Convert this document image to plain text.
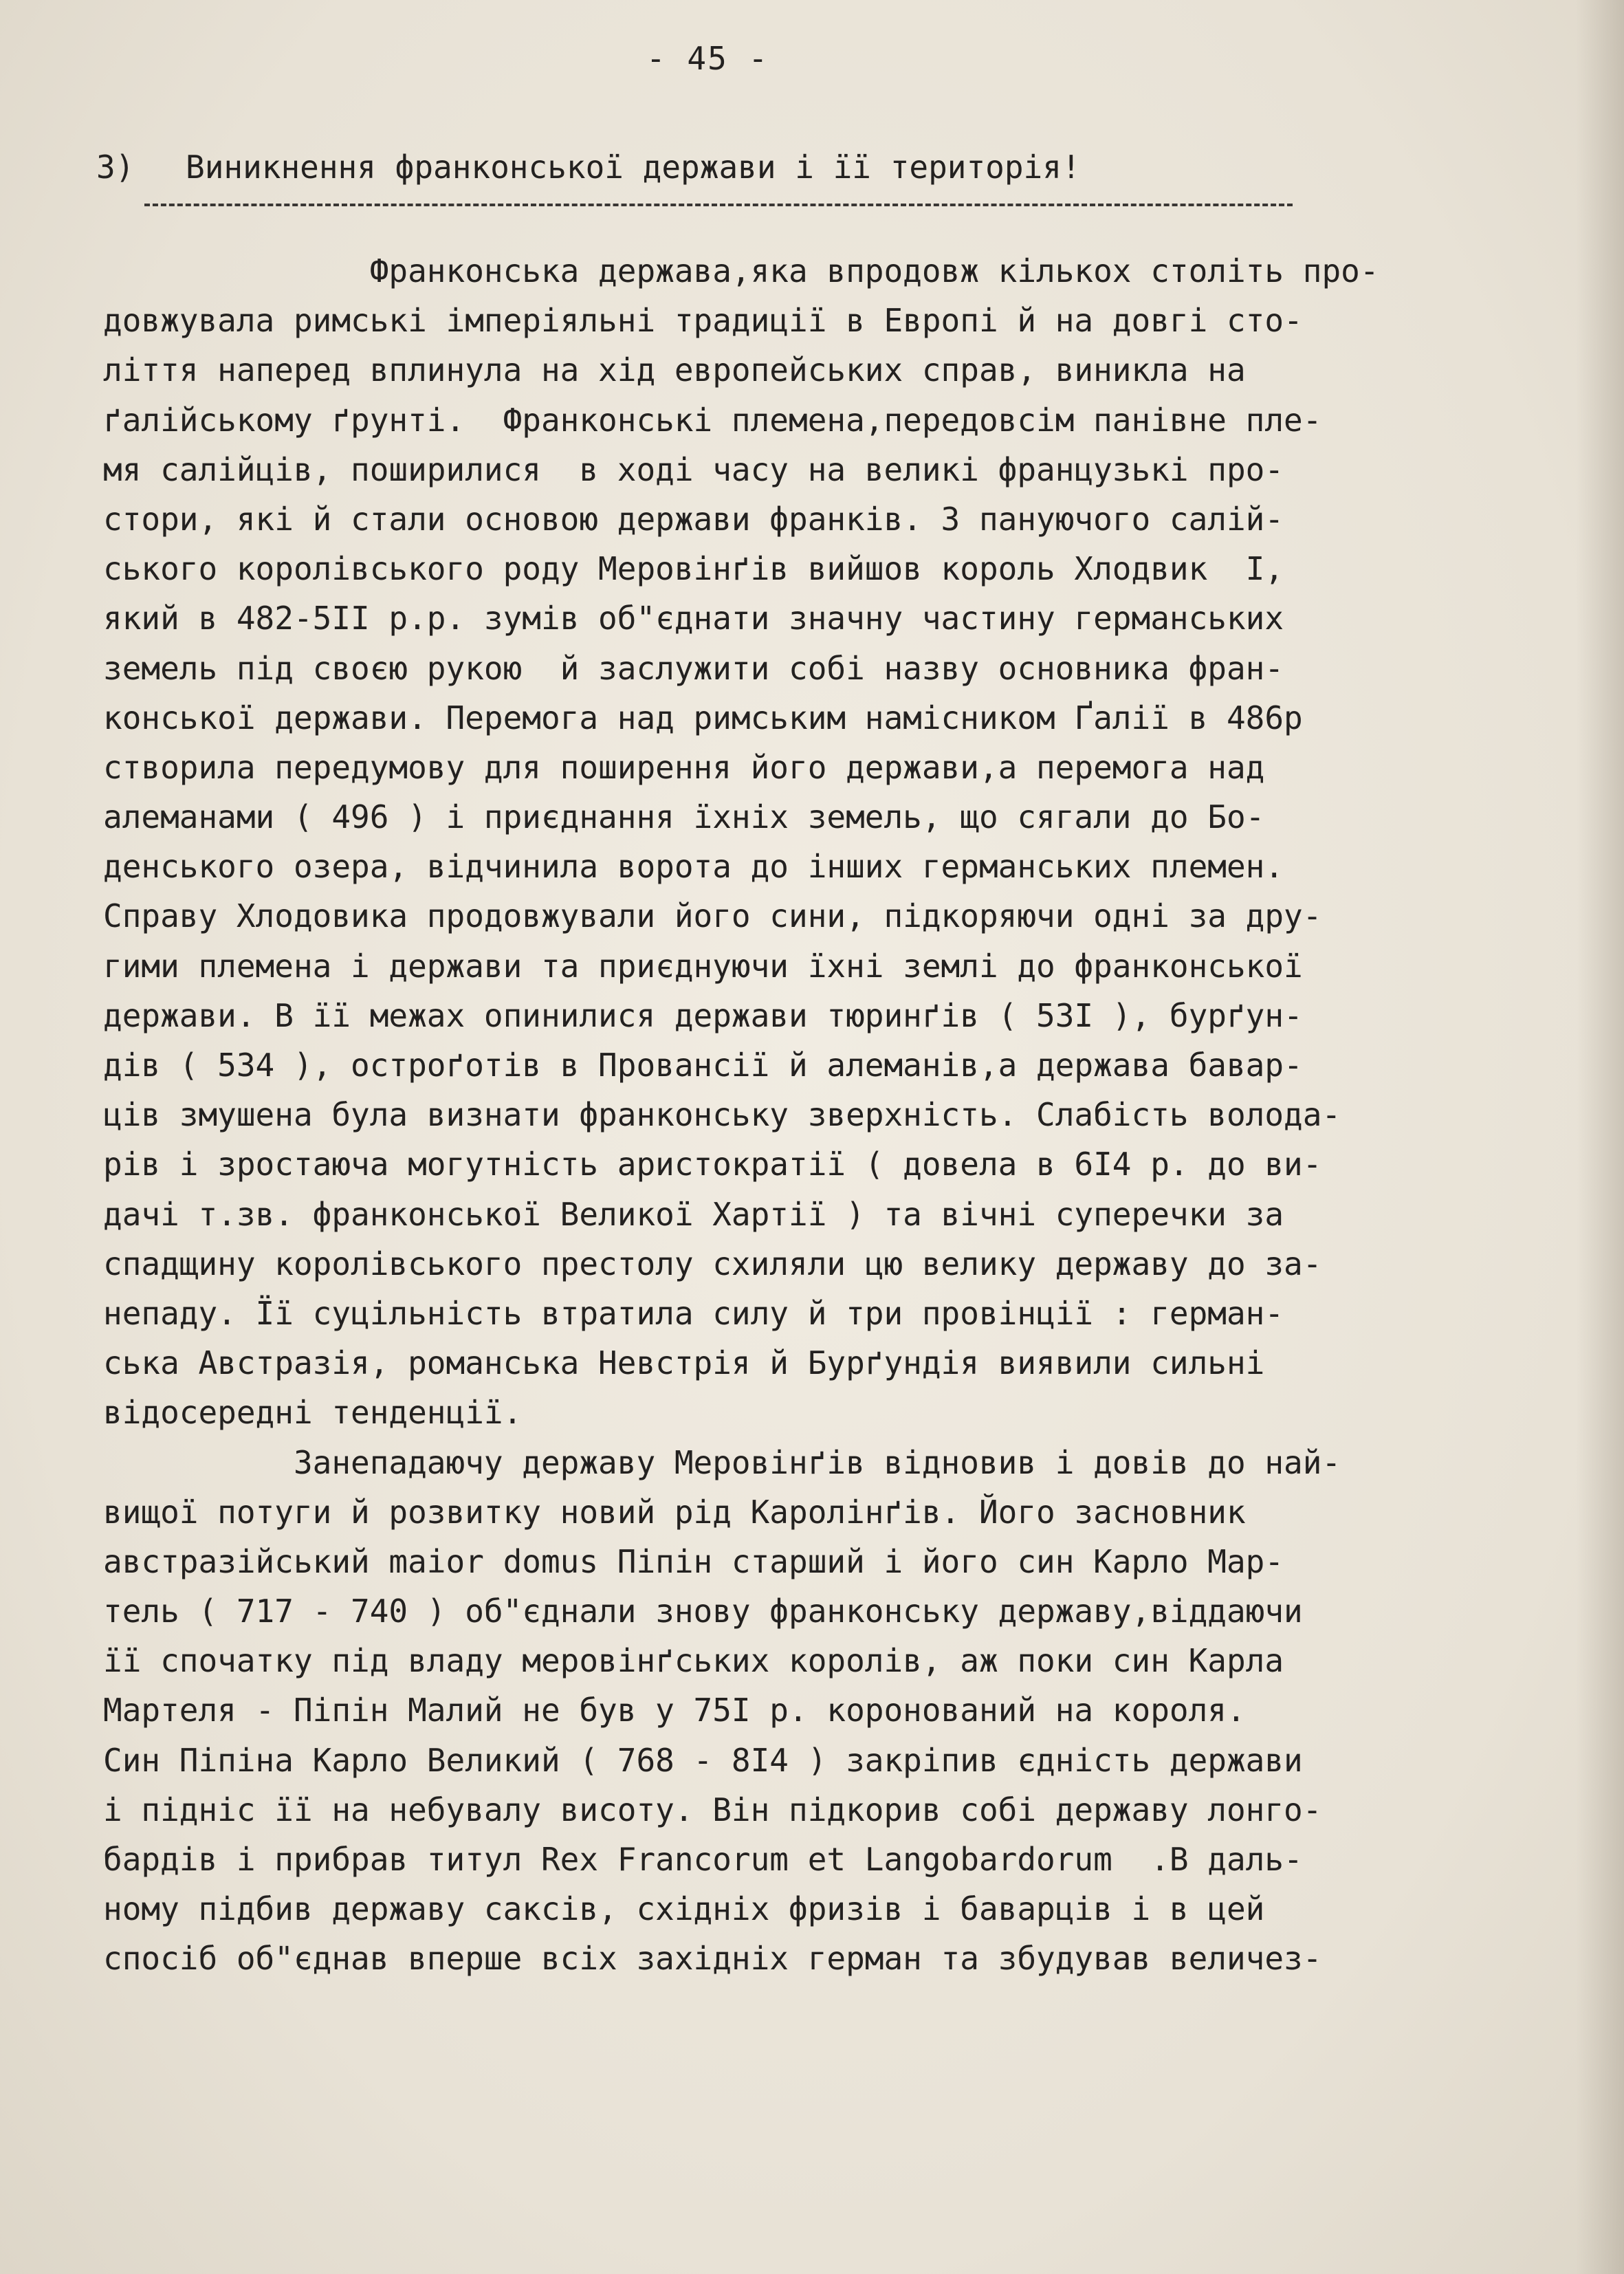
- 45 -
3) Виникнення франконської держави і її територія!
Франконська держава,яка впродовж кількох століть про-
довжувала римські імперіяльні традиції в Европі й на довгі сто-
ліття наперед вплинула на хід европейських справ, виникла на
ґалійському ґрунті.  Франконські племена,передовсім панівне пле-
мя салійців, поширилися  в ході часу на великі французькі про-
стори, які й стали основою держави франків. З пануючого салій-
ського королівського роду Меровінґів вийшов король Хлодвик  I,
який в 482-5II р.р. зумів об"єднати значну частину германських
земель під своєю рукою  й заслужити собі назву основника фран-
конської держави. Перемога над римським намісником Ґалії в 486р
створила передумову для поширення його держави,а перемога над
алеманами ( 496 ) і приєднання їхніх земель, що сягали до Бо-
денського озера, відчинила ворота до інших германських племен.
Справу Хлодовика продовжували його сини, підкоряючи одні за дру-
гими племена і держави та приєднуючи їхні землі до франконської
держави. В її межах опинилися держави тюринґів ( 53I ), бурґун-
дів ( 534 ), остроґотів в Провансії й алеманів,а держава бавар-
ців змушена була визнати франконську зверхність. Слабість волода-
рів і зростаюча могутність аристократії ( довела в 6I4 р. до ви-
дачі т.зв. франконської Великої Хартії ) та вічні суперечки за
спадщину королівського престолу схиляли цю велику державу до за-
непаду. Її суцільність втратила силу й три провінції : герман-
ська Австразія, романська Невстрія й Бурґундія виявили сильні
відосередні тенденції.
Занепадаючу державу Меровінґів відновив і довів до най-
вищої потуги й розвитку новий рід Каролінґів. Його засновник
австразійський maior domus Піпін старший і його син Карло Мар-
тель ( 717 - 740 ) об"єднали знову франконську державу,віддаючи
її спочатку під владу меровінґських королів, аж поки син Карла
Мартеля - Піпін Малий не був у 75I р. коронований на короля.
Син Піпіна Карло Великий ( 768 - 8I4 ) закріпив єдність держави
і підніс її на небувалу висоту. Він підкорив собі державу лонго-
бардів і прибрав титул Rex Francorum et Langobardorum  .В даль-
ному підбив державу саксів, східніх фризів і баварців і в цей
спосіб об"єднав вперше всіх західніх герман та збудував величез-
